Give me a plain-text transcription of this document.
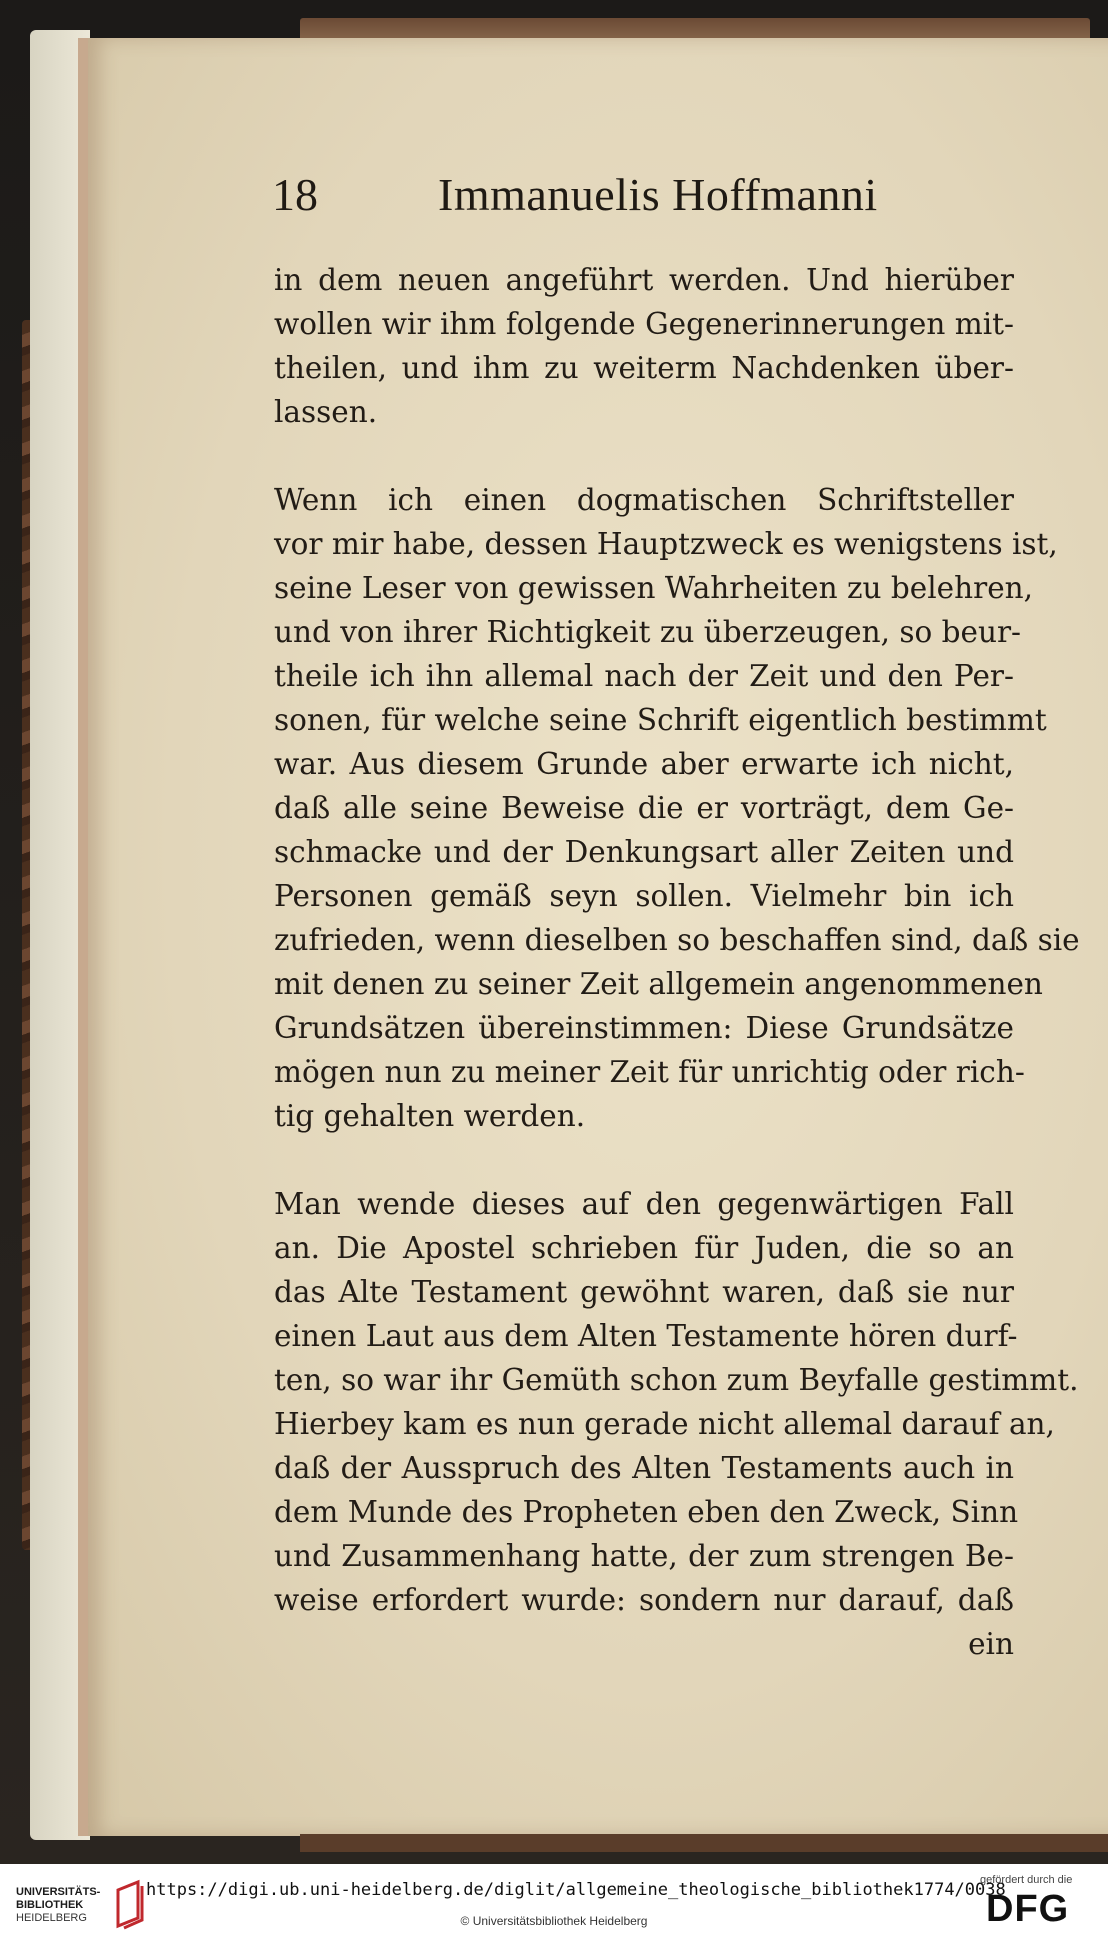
18	Immanuelis Hoffmanni
in dem neuen angeführt werden. Und hierüber
wollen wir ihm folgende Gegenerinnerungen mit-
theilen, und ihm zu weiterm Nachdenken über-
lassen.
Wenn ich einen dogmatischen Schriftsteller
vor mir habe, dessen Hauptzweck es wenigstens ist,
seine Leser von gewissen Wahrheiten zu belehren,
und von ihrer Richtigkeit zu überzeugen, so beur-
theile ich ihn allemal nach der Zeit und den Per-
sonen, für welche seine Schrift eigentlich bestimmt
war. Aus diesem Grunde aber erwarte ich nicht,
daß alle seine Beweise die er vorträgt, dem Ge-
schmacke und der Denkungsart aller Zeiten und
Personen gemäß seyn sollen. Vielmehr bin ich
zufrieden, wenn dieselben so beschaffen sind, daß sie
mit denen zu seiner Zeit allgemein angenommenen
Grundsätzen übereinstimmen: Diese Grundsätze
mögen nun zu meiner Zeit für unrichtig oder rich-
tig gehalten werden.
Man wende dieses auf den gegenwärtigen Fall
an. Die Apostel schrieben für Juden, die so an
das Alte Testament gewöhnt waren, daß sie nur
einen Laut aus dem Alten Testamente hören durf-
ten, so war ihr Gemüth schon zum Beyfalle gestimmt.
Hierbey kam es nun gerade nicht allemal darauf an,
daß der Ausspruch des Alten Testaments auch in
dem Munde des Propheten eben den Zweck, Sinn
und Zusammenhang hatte, der zum strengen Be-
weise erfordert wurde: sondern nur darauf, daß
ein
UNIVERSITÄTS-
BIBLIOTHEK
HEIDELBERG
https://digi.ub.uni-heidelberg.de/diglit/allgemeine_theologische_bibliothek1774/0038
© Universitätsbibliothek Heidelberg
gefördert durch die
DFG
